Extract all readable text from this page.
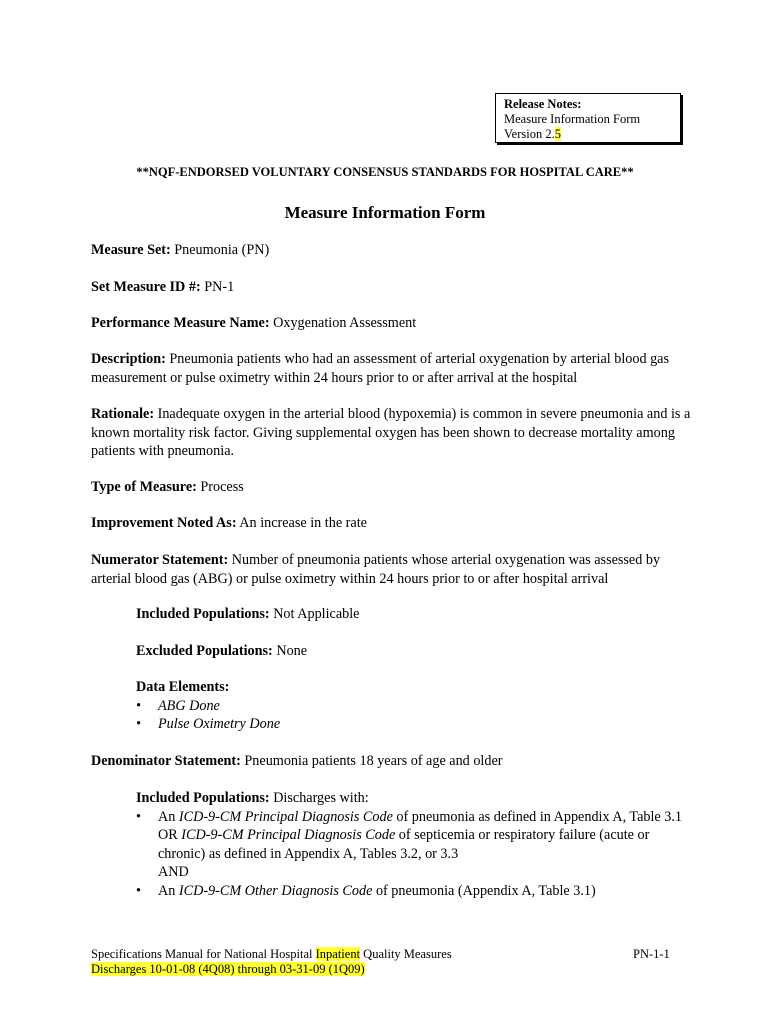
Release Notes:
Measure Information Form
Version 2.5
**NQF-ENDORSED VOLUNTARY CONSENSUS STANDARDS FOR HOSPITAL CARE**
Measure Information Form
Measure Set: Pneumonia (PN)
Set Measure ID #: PN-1
Performance Measure Name: Oxygenation Assessment
Description: Pneumonia patients who had an assessment of arterial oxygenation by arterial blood gas measurement or pulse oximetry within 24 hours prior to or after arrival at the hospital
Rationale: Inadequate oxygen in the arterial blood (hypoxemia) is common in severe pneumonia and is a known mortality risk factor. Giving supplemental oxygen has been shown to decrease mortality among patients with pneumonia.
Type of Measure: Process
Improvement Noted As: An increase in the rate
Numerator Statement: Number of pneumonia patients whose arterial oxygenation was assessed by arterial blood gas (ABG) or pulse oximetry within 24 hours prior to or after hospital arrival
Included Populations: Not Applicable
Excluded Populations: None
Data Elements:
• ABG Done
• Pulse Oximetry Done
Denominator Statement: Pneumonia patients 18 years of age and older
Included Populations: Discharges with:
• An ICD-9-CM Principal Diagnosis Code of pneumonia as defined in Appendix A, Table 3.1 OR ICD-9-CM Principal Diagnosis Code of septicemia or respiratory failure (acute or chronic) as defined in Appendix A, Tables 3.2, or 3.3
AND
• An ICD-9-CM Other Diagnosis Code of pneumonia (Appendix A, Table 3.1)
Specifications Manual for National Hospital Inpatient Quality Measures
Discharges 10-01-08 (4Q08) through 03-31-09 (1Q09)
PN-1-1
